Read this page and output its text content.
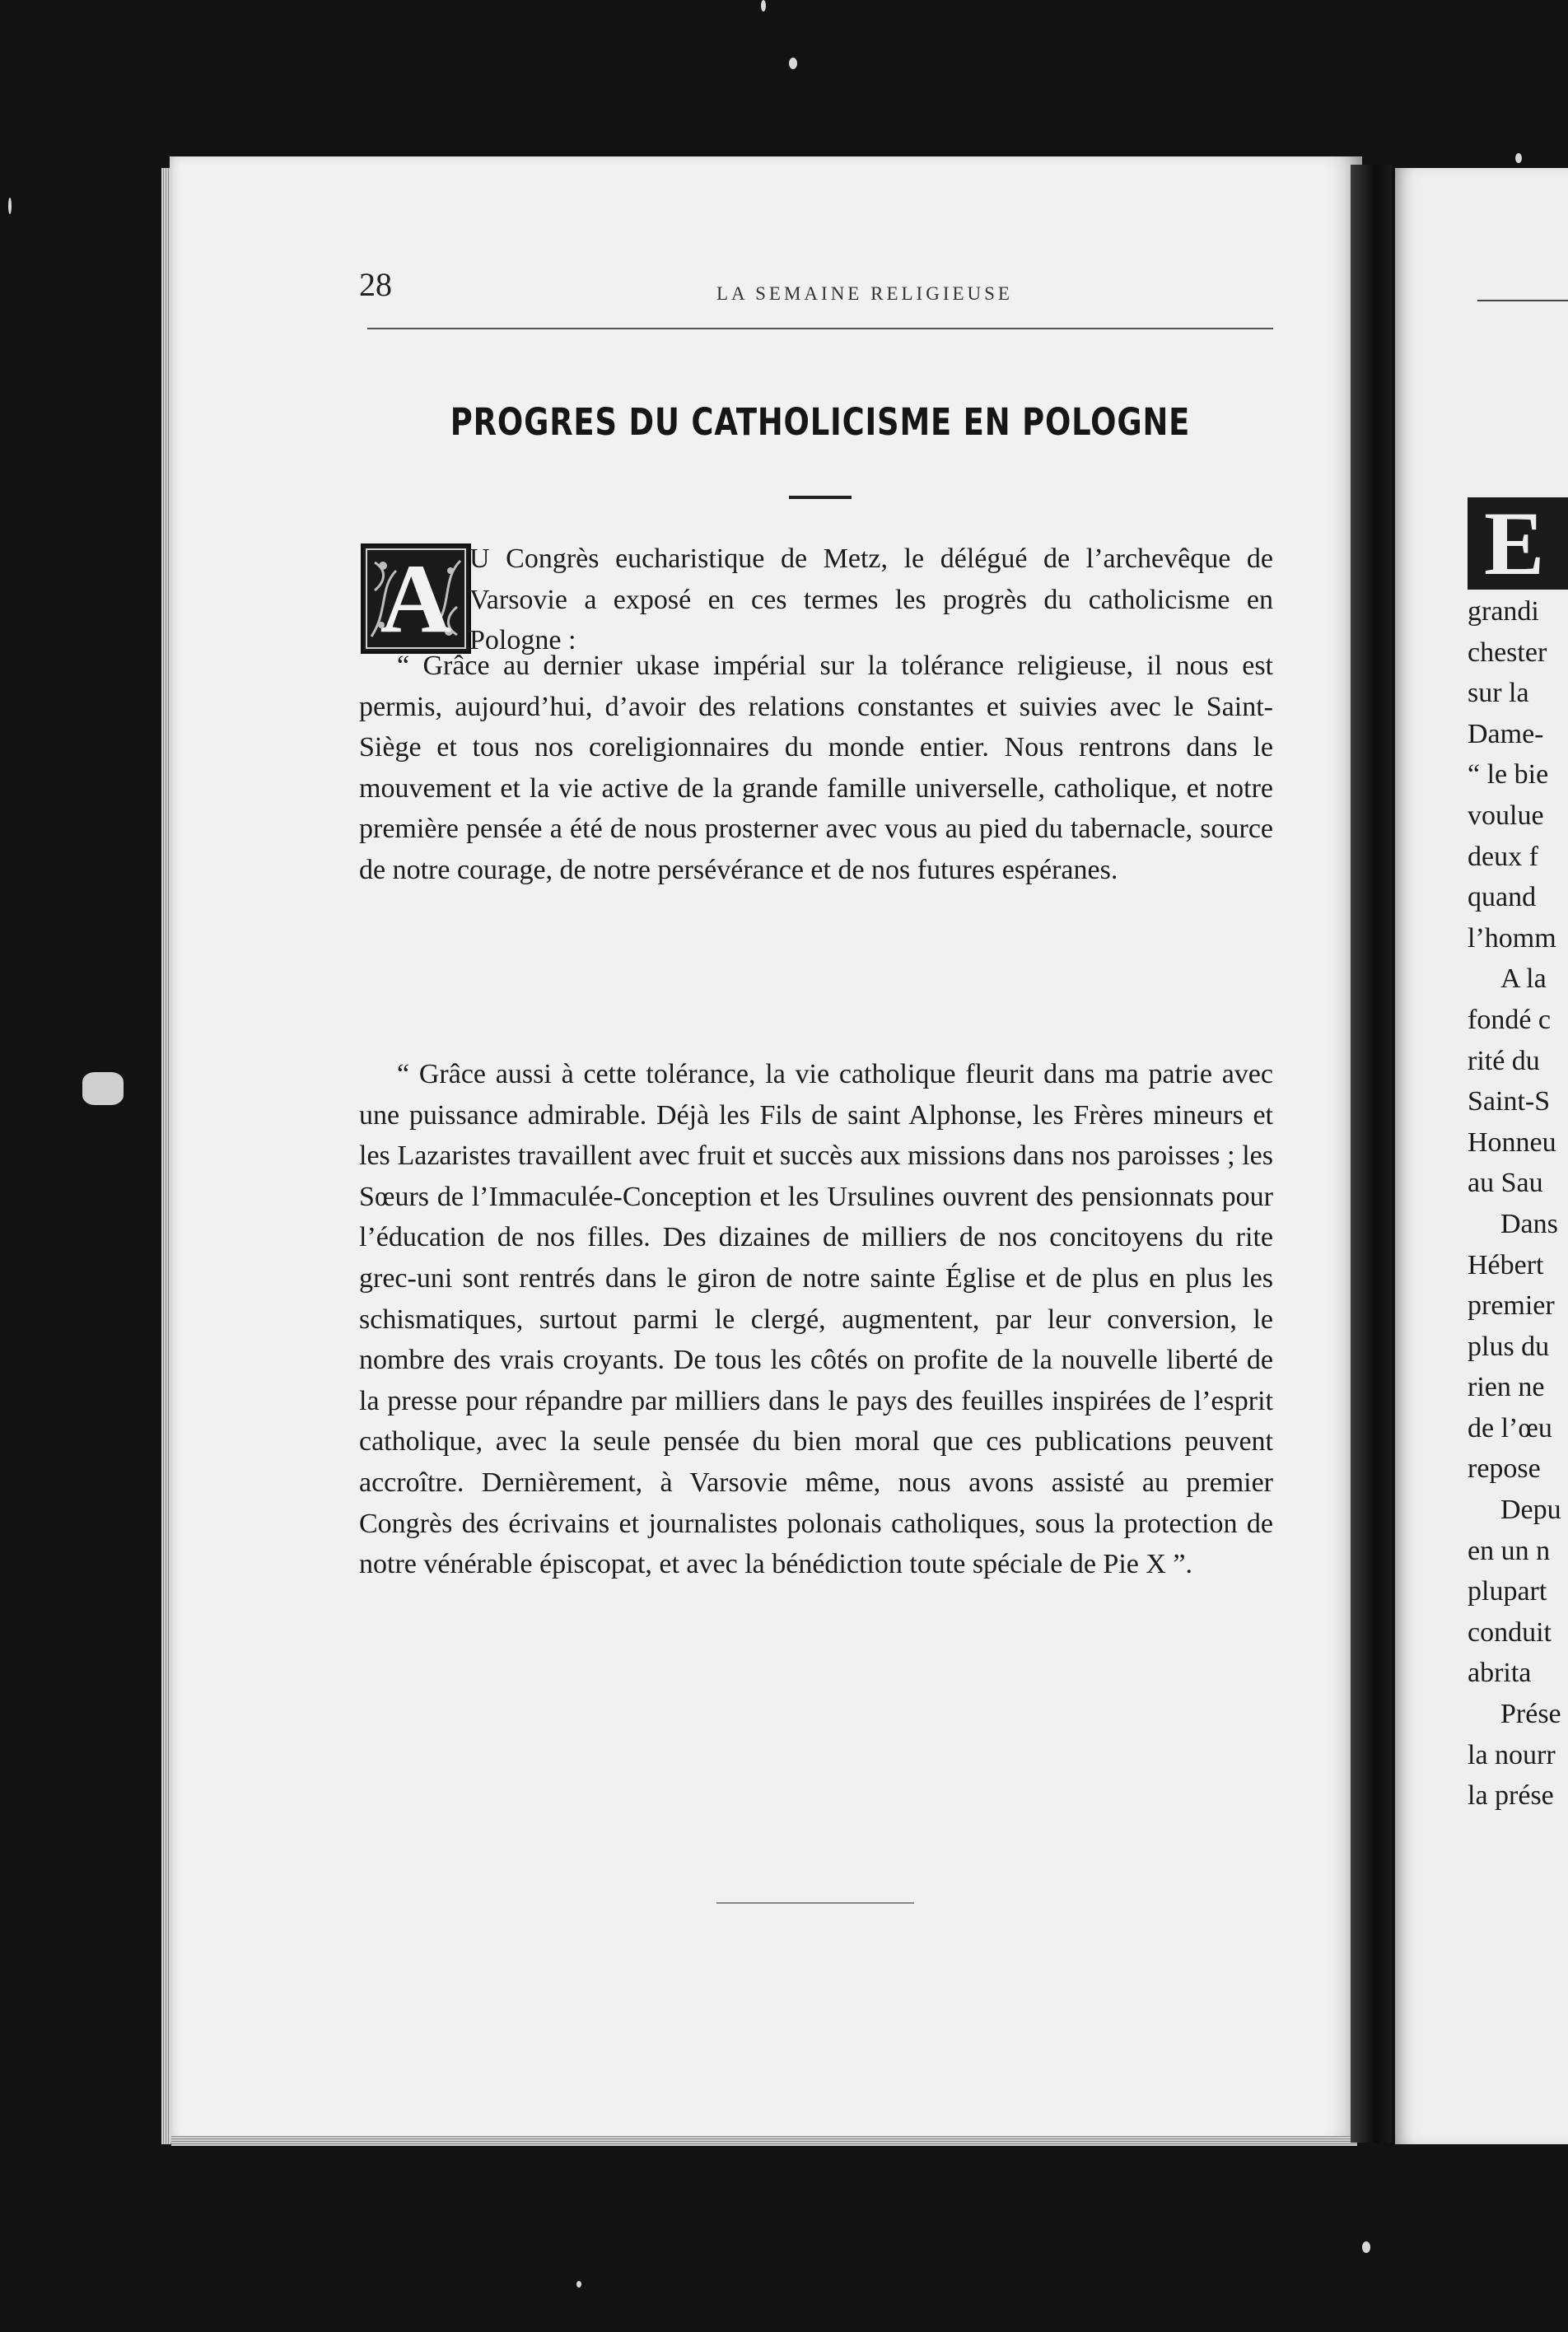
28	LA SEMAINE RELIGIEUSE
PROGRES DU CATHOLICISME EN POLOGNE
A U Congrès eucharistique de Metz, le délégué de l’archevêque de Varsovie a exposé en ces termes les progrès du catholicisme en Pologne :
“ Grâce au dernier ukase impérial sur la tolérance religieuse, il nous est permis, aujourd’hui, d’avoir des relations constantes et suivies avec le Saint-Siège et tous nos coreligionnaires du monde entier. Nous rentrons dans le mouvement et la vie active de la grande famille universelle, catholique, et notre première pensée a été de nous prosterner avec vous au pied du tabernacle, source de notre courage, de notre persévérance et de nos futures espéranes.
“ Grâce aussi à cette tolérance, la vie catholique fleurit dans ma patrie avec une puissance admirable. Déjà les Fils de saint Alphonse, les Frères mineurs et les Lazaristes travaillent avec fruit et succès aux missions dans nos paroisses ; les Sœurs de l’Immaculée-Conception et les Ursulines ouvrent des pensionnats pour l’éducation de nos filles. Des dizaines de milliers de nos concitoyens du rite grec-uni sont rentrés dans le giron de notre sainte Église et de plus en plus les schismatiques, surtout parmi le clergé, augmentent, par leur conversion, le nombre des vrais croyants. De tous les côtés on profite de la nouvelle liberté de la presse pour répandre par milliers dans le pays des feuilles inspirées de l’esprit catholique, avec la seule pensée du bien moral que ces publications peuvent accroître. Dernièrement, à Varsovie même, nous avons assisté au premier Congrès des écrivains et journalistes polonais catholiques, sous la protection de notre vénérable épiscopat, et avec la bénédiction toute spéciale de Pie X ”.
E
grandi
chester
sur la
Dame-
“ le bie
voulue
deux f
quand
l’homm
A la
fondé c
rité du
Saint-S
Honneu
au Sau
Dans
Hébert
premier
plus du
rien ne
de l’œu
repose
Depu
en un n
plupart
conduit
abrita
Prése
la nourr
la prése
